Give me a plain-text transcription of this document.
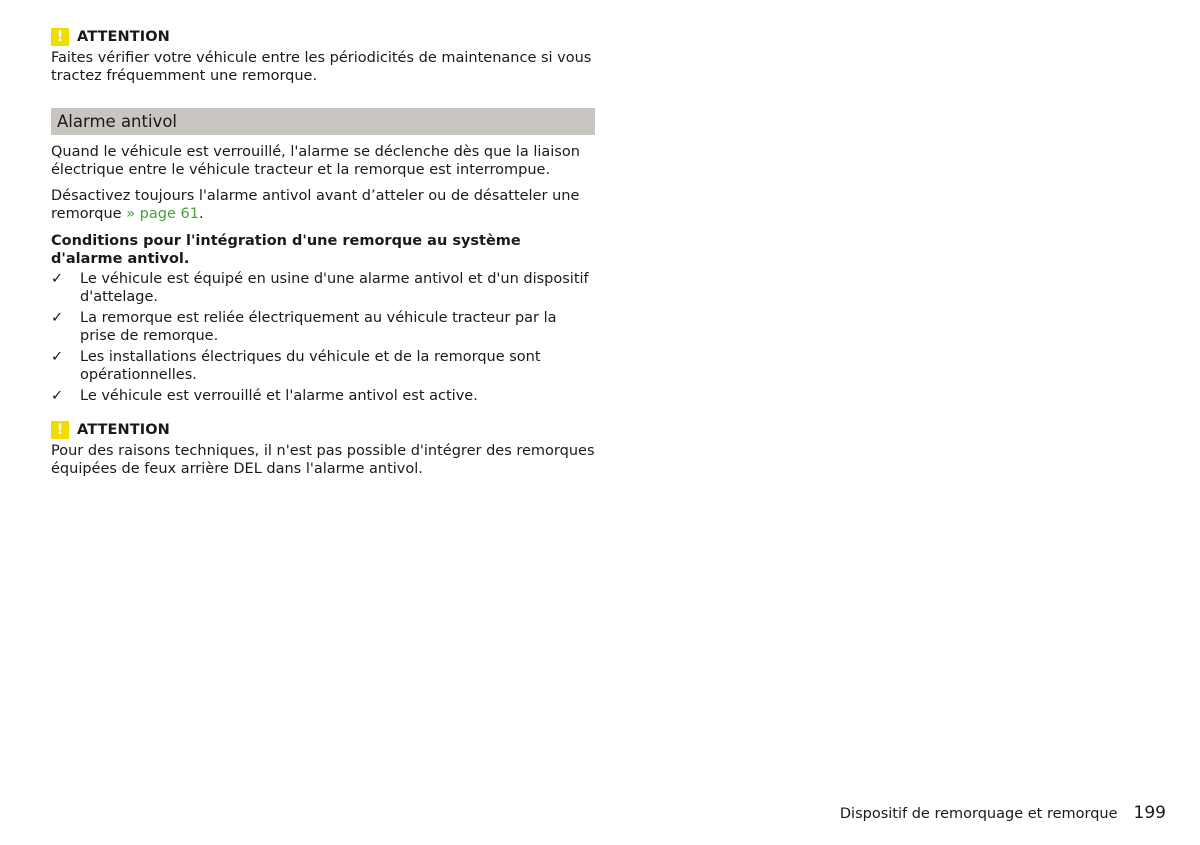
!
ATTENTION

Faites vérifier votre véhicule entre les périodicités de maintenance si vous tractez fréquemment une remorque.

Alarme antivol

Quand le véhicule est verrouillé, l'alarme se déclenche dès que la liaison électrique entre le véhicule tracteur et la remorque est interrompue.

Désactivez toujours l'alarme antivol avant d’atteler ou de désatteler une remorque » page 61.

Conditions pour l'intégration d'une remorque au système d'alarme antivol.

✓	Le véhicule est équipé en usine d'une alarme antivol et d'un dispositif d'attelage.
✓	La remorque est reliée électriquement au véhicule tracteur par la prise de remorque.
✓	Les installations électriques du véhicule et de la remorque sont opérationnelles.
✓	Le véhicule est verrouillé et l'alarme antivol est active.
!
ATTENTION

Pour des raisons techniques, il n'est pas possible d'intégrer des remorques équipées de feux arrière DEL dans l'alarme antivol.

Dispositif de remorquage et remorque 199
